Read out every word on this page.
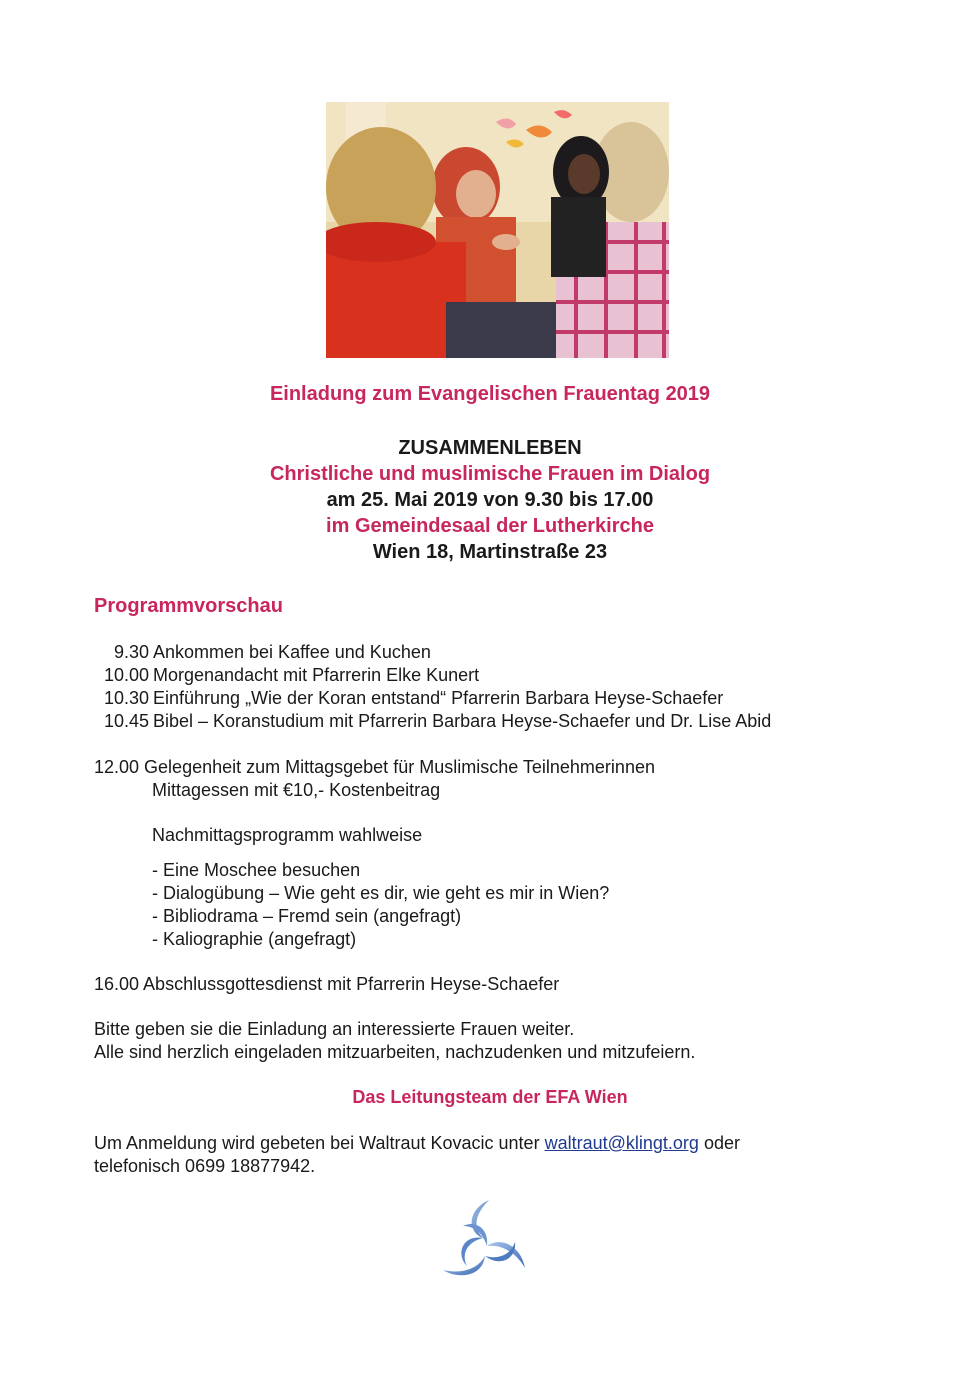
Einladung zum Evangelischen Frauentag 2019
ZUSAMMENLEBEN
Christliche und muslimische Frauen im Dialog
am 25. Mai 2019 von 9.30 bis 17.00
im Gemeindesaal der Lutherkirche
Wien 18, Martinstraße 23
Programmvorschau
9.30 Ankommen bei Kaffee und Kuchen
10.00 Morgenandacht mit Pfarrerin Elke Kunert
10.30 Einführung „Wie der Koran entstand“ Pfarrerin Barbara Heyse-Schaefer
10.45 Bibel – Koranstudium mit Pfarrerin Barbara Heyse-Schaefer und Dr. Lise Abid
12.00 Gelegenheit zum Mittagsgebet für Muslimische Teilnehmerinnen
Mittagessen mit €10,- Kostenbeitrag
Nachmittagsprogramm wahlweise
- Eine Moschee besuchen
- Dialogübung – Wie geht es dir, wie geht es mir in Wien?
- Bibliodrama – Fremd sein (angefragt)
- Kaliographie (angefragt)
16.00 Abschlussgottesdienst mit Pfarrerin Heyse-Schaefer
Bitte geben sie die Einladung an interessierte Frauen weiter.
Alle sind herzlich eingeladen mitzuarbeiten, nachzudenken und mitzufeiern.
Das Leitungsteam der EFA Wien
Um Anmeldung wird gebeten bei Waltraut Kovacic unter waltraut@klingt.org oder
telefonisch 0699 18877942.
